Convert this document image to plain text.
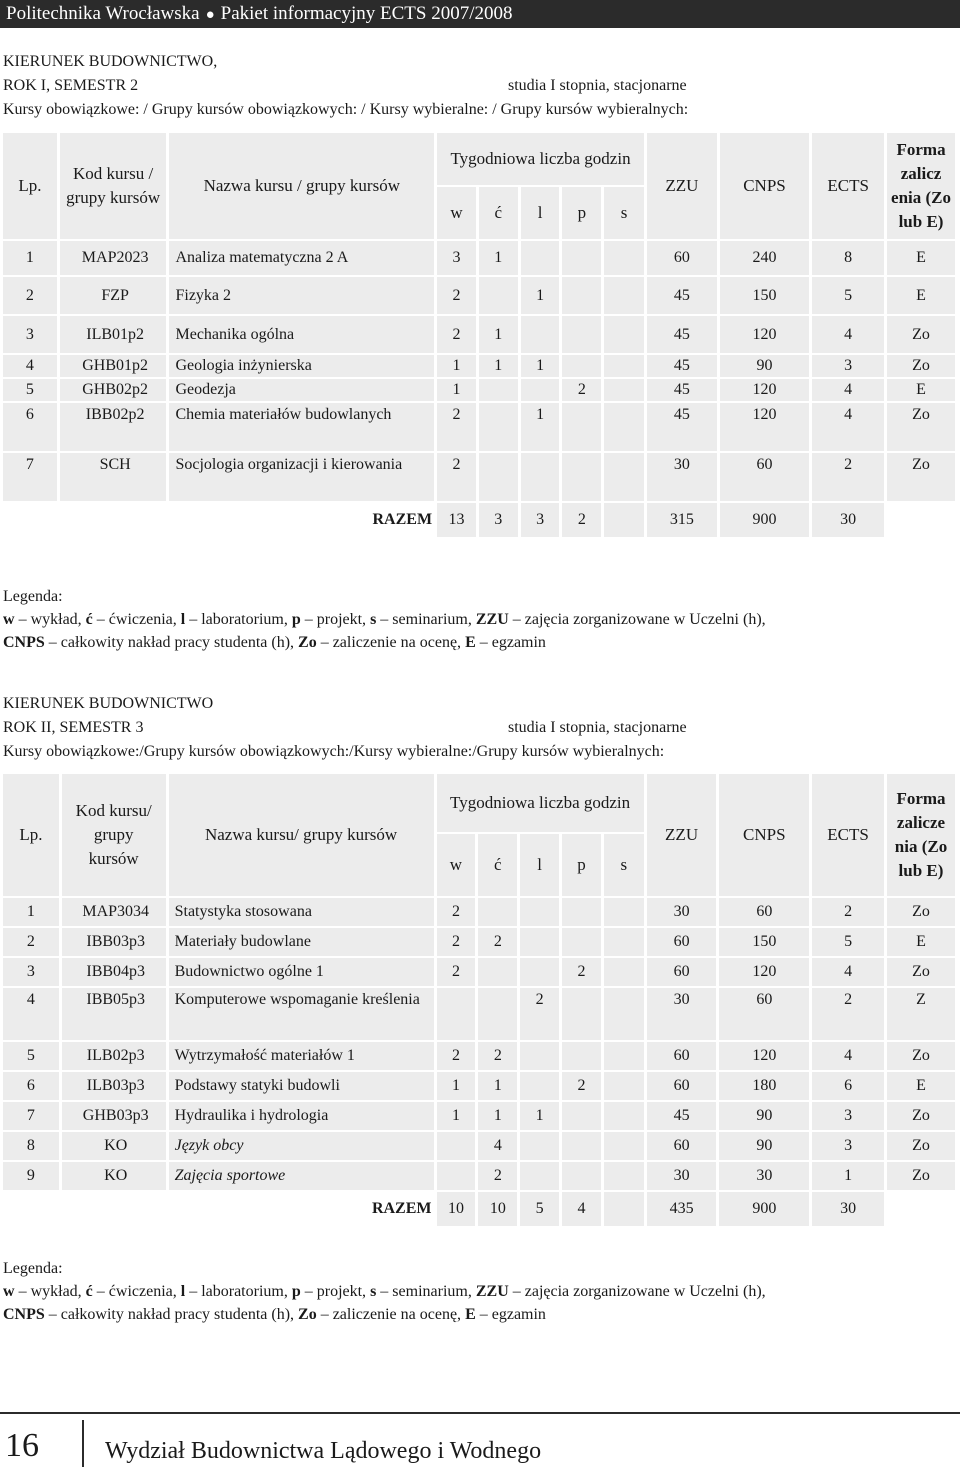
Politechnika Wrocławska ● Pakiet informacyjny ECTS 2007/2008
KIERUNEK BUDOWNICTWO,
ROK I, SEMESTR 2	studia I stopnia, stacjonarne
Kursy obowiązkowe: / Grupy kursów obowiązkowych: / Kursy wybieralne: / Grupy kursów wybieralnych:
Lp.	Kod kursu / grupy kursów	Nazwa kursu / grupy kursów	Tygodniowa liczba godzin					ZZU	CNPS	ECTS	Forma zalicz enia (Zo lub E)
			w	ć	l	p	s				
1	MAP2023	Analiza matematyczna 2 A	3	1				60	240	8	E
2	FZP	Fizyka 2	2		1			45	150	5	E
3	ILB01p2	Mechanika ogólna	2	1				45	120	4	Zo
4	GHB01p2	Geologia inżynierska	1	1	1			45	90	3	Zo
5	GHB02p2	Geodezja	1			2		45	120	4	E
6	IBB02p2	Chemia materiałów budowlanych	2		1			45	120	4	Zo
7	SCH	Socjologia organizacji i kierowania	2					30	60	2	Zo
		RAZEM	13	3	3	2		315	900	30	
Legenda:
w – wykład, ć – ćwiczenia, l – laboratorium, p – projekt, s – seminarium, ZZU – zajęcia zorganizowane w Uczelni (h),
CNPS – całkowity nakład pracy studenta (h), Zo – zaliczenie na ocenę, E – egzamin
KIERUNEK BUDOWNICTWO
ROK II, SEMESTR 3	studia I stopnia, stacjonarne
Kursy obowiązkowe:/Grupy kursów obowiązkowych:/Kursy wybieralne:/Grupy kursów wybieralnych:
Lp.	Kod kursu/ grupy kursów	Nazwa kursu/ grupy kursów	Tygodniowa liczba godzin					ZZU	CNPS	ECTS	Forma zalicze nia (Zo lub E)
			w	ć	l	p	s				
1	MAP3034	Statystyka stosowana	2					30	60	2	Zo
2	IBB03p3	Materiały budowlane	2	2				60	150	5	E
3	IBB04p3	Budownictwo ogólne 1	2			2		60	120	4	Zo
4	IBB05p3	Komputerowe wspomaganie kreślenia			2			30	60	2	Z
5	ILB02p3	Wytrzymałość materiałów 1	2	2				60	120	4	Zo
6	ILB03p3	Podstawy statyki budowli	1	1		2		60	180	6	E
7	GHB03p3	Hydraulika i hydrologia	1	1	1			45	90	3	Zo
8	KO	Język obcy		4				60	90	3	Zo
9	KO	Zajęcia sportowe		2				30	30	1	Zo
		RAZEM	10	10	5	4		435	900	30	
Legenda:
w – wykład, ć – ćwiczenia, l – laboratorium, p – projekt, s – seminarium, ZZU – zajęcia zorganizowane w Uczelni (h),
CNPS – całkowity nakład pracy studenta (h), Zo – zaliczenie na ocenę, E – egzamin
16	Wydział Budownictwa Lądowego i Wodnego
